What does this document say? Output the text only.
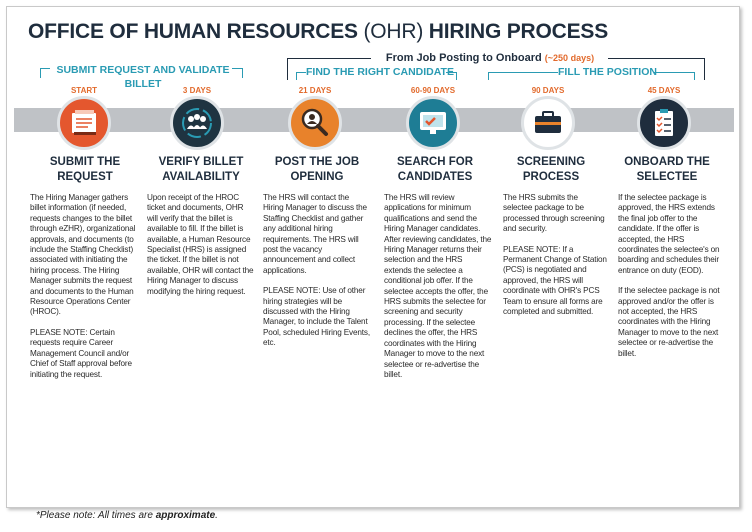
OFFICE OF HUMAN RESOURCES (OHR) HIRING PROCESS
From Job Posting to Onboard (~250 days)
SUBMIT REQUEST AND VALIDATE BILLET
FIND THE RIGHT CANDIDATE	FILL THE POSITION
START	3 DAYS	21 DAYS	60-90 DAYS	90 DAYS	45 DAYS
SUBMIT THE REQUEST
VERIFY BILLET AVAILABILITY
POST THE JOB OPENING
SEARCH FOR CANDIDATES
SCREENING PROCESS
ONBOARD THE SELECTEE

The Hiring Manager gathers billet information (if needed, requests changes to the billet through eZHR), organizational approvals, and documents (to include the Staffing Checklist) associated with initiating the hiring process. The Hiring Manager submits the request and documents to the Human Resource Operations Center (HROC).

PLEASE NOTE: Certain requests require Career Management Council and/or Chief of Staff approval before initiating the request.

Upon receipt of the HROC ticket and documents, OHR will verify that the billet is available to fill. If the billet is available, a Human Resource Specialist (HRS) is assigned the ticket. If the billet is not available, OHR will contact the Hiring Manager to discuss modifying the hiring request.

The HRS will contact the Hiring Manager to discuss the Staffing Checklist and gather any additional hiring requirements. The HRS will post the vacancy announcement and collect applications.

PLEASE NOTE: Use of other hiring strategies will be discussed with the Hiring Manager, to include the Talent Pool, scheduled Hiring Events, etc.

The HRS will review applications for minimum qualifications and send the Hiring Manager candidates. After reviewing candidates, the Hiring Manager returns their selection and the HRS extends the selectee a conditional job offer. If the selectee accepts the offer, the HRS submits the selectee for screening and security processing. If the selectee declines the offer, the HRS coordinates with the Hiring Manager to move to the next selectee or re-advertise the billet.

The HRS submits the selectee package to be processed through screening and security.

PLEASE NOTE: If a Permanent Change of Station (PCS) is negotiated and approved, the HRS will coordinate with OHR's PCS Team to ensure all forms are completed and submitted.

If the selectee package is approved, the HRS extends the final job offer to the candidate. If the offer is accepted, the HRS coordinates the selectee's on boarding and schedules their entrance on duty (EOD).

If the selectee package is not approved and/or the offer is not accepted, the HRS coordinates with the Hiring Manager to move to the next selectee or re-advertise the billet.

*Please note: All times are approximate.
